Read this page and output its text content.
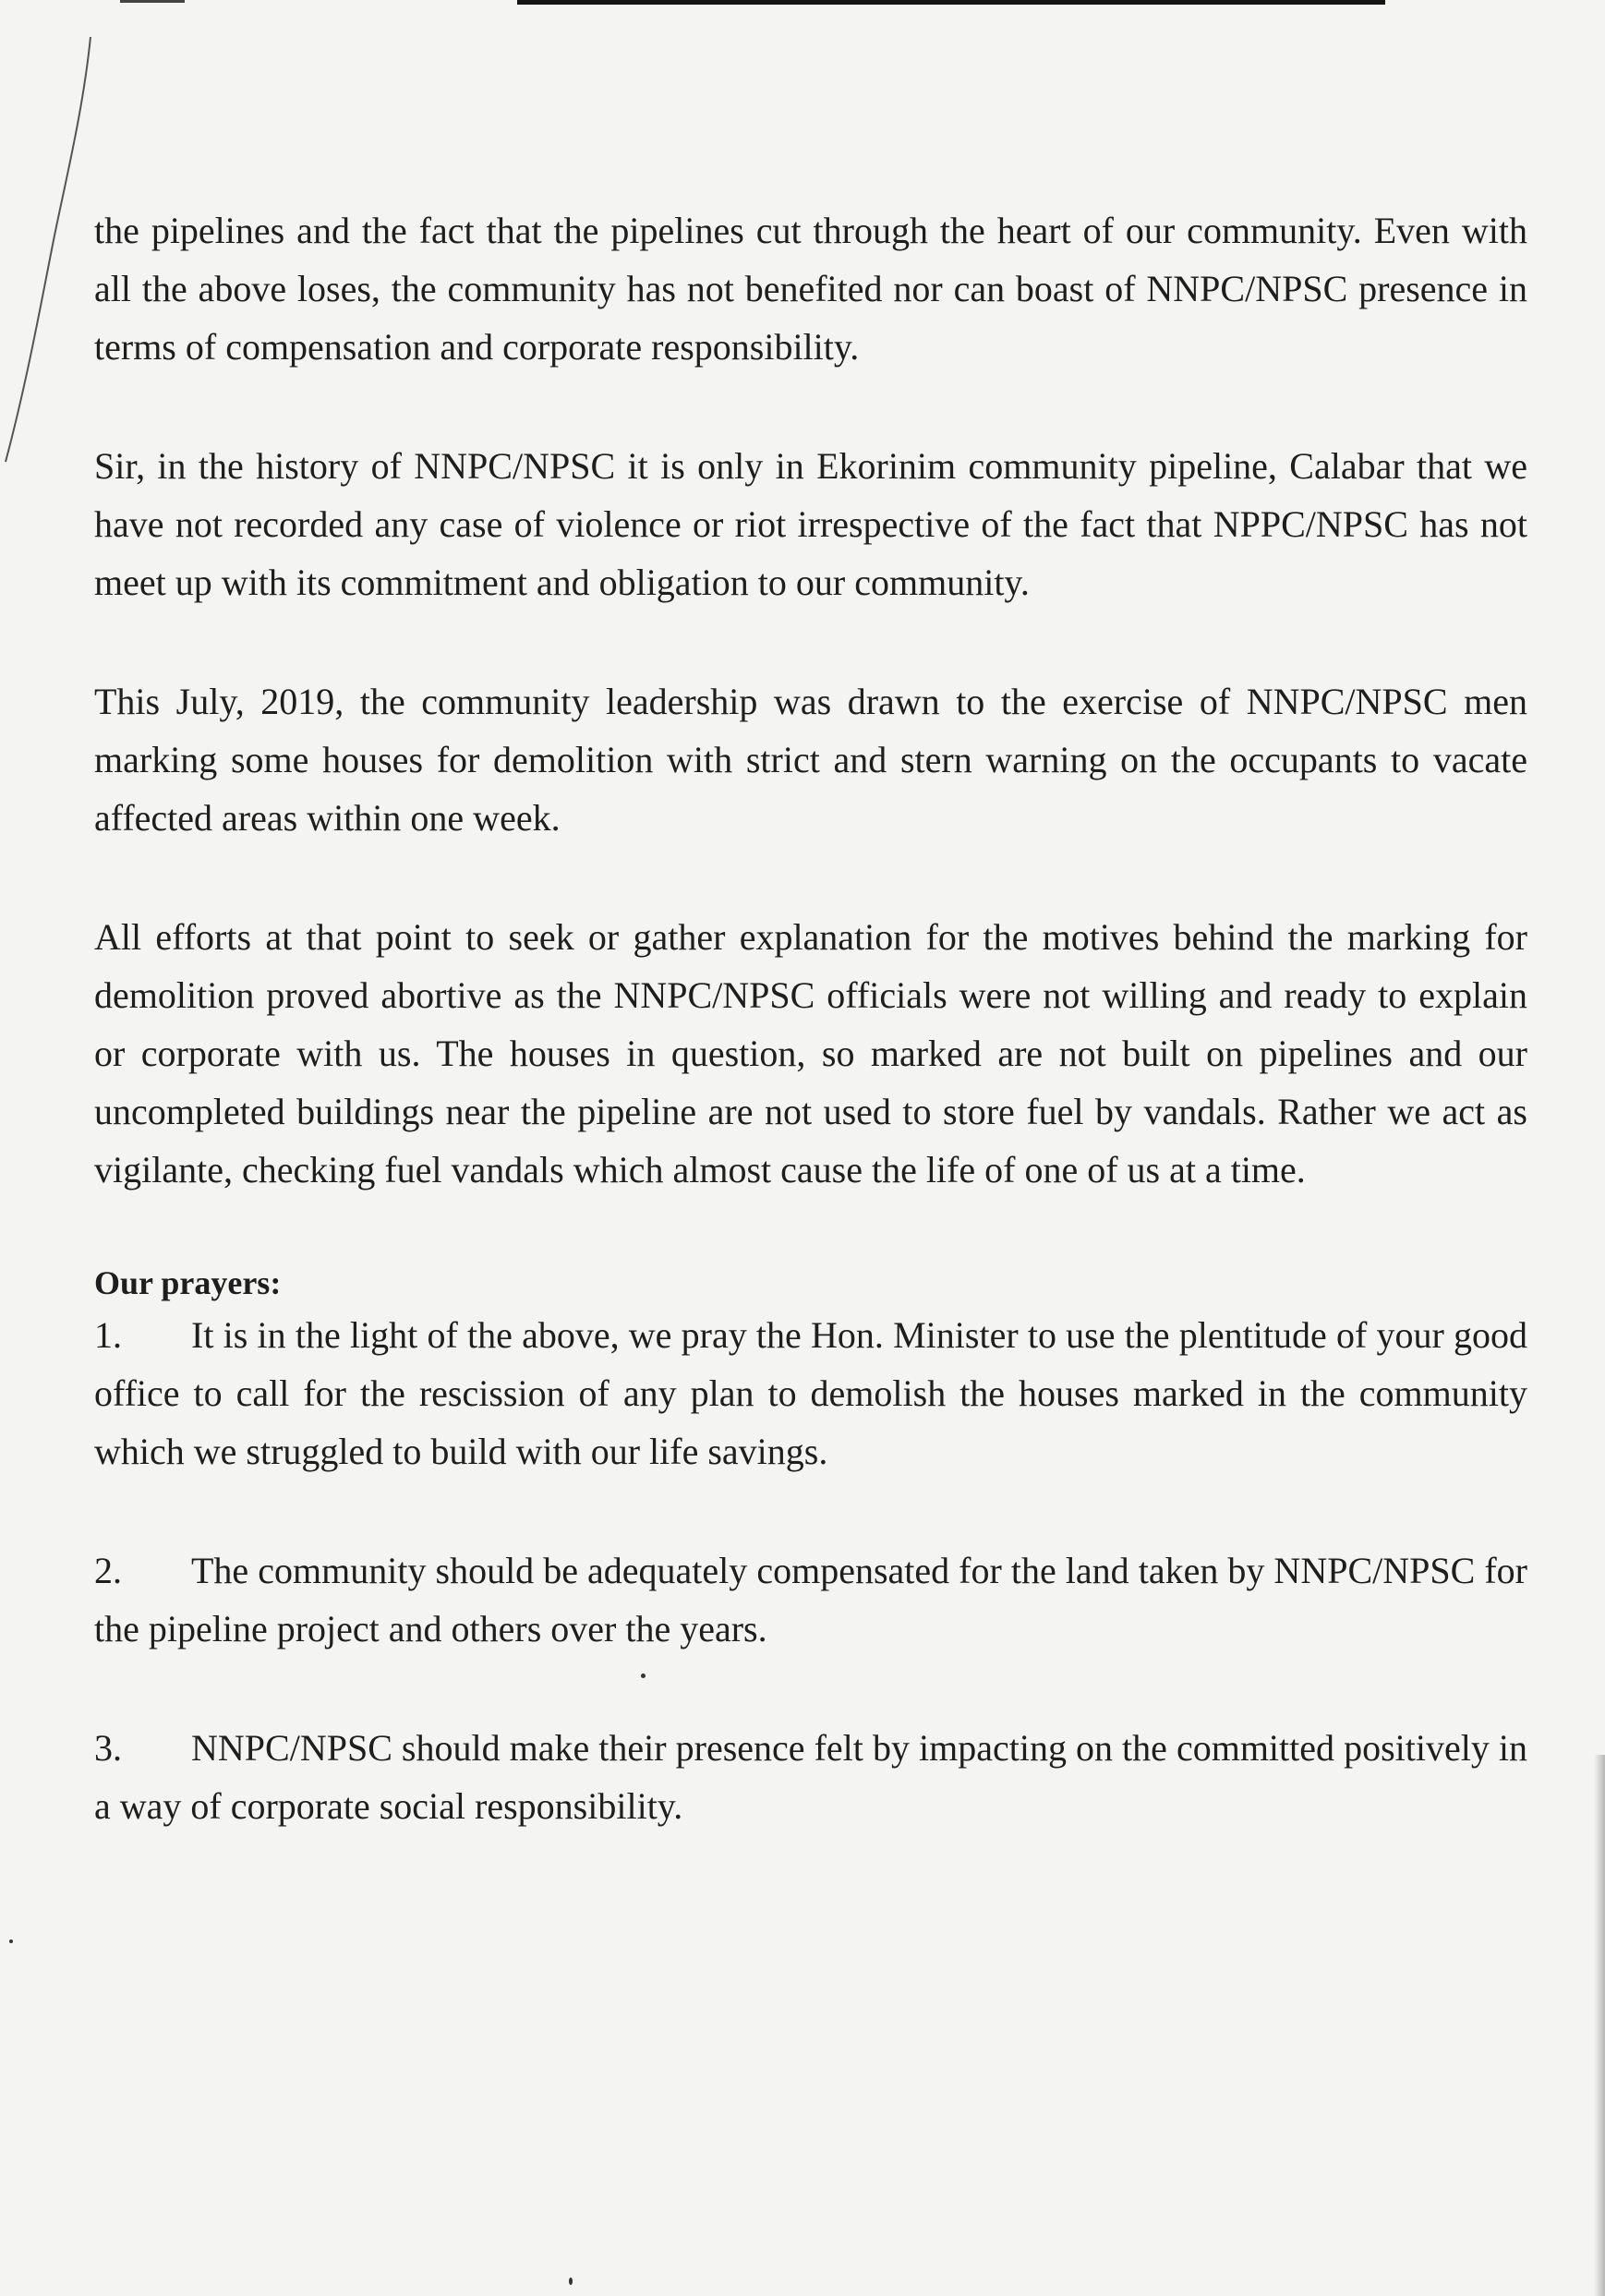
the pipelines and the fact that the pipelines cut through the heart of our community. Even with all the above loses, the community has not benefited nor can boast of NNPC/NPSC presence in terms of compensation and corporate responsibility.

Sir, in the history of NNPC/NPSC it is only in Ekorinim community pipeline, Calabar that we have not recorded any case of violence or riot irrespective of the fact that NPPC/NPSC has not meet up with its commitment and obligation to our community.

This July, 2019, the community leadership was drawn to the exercise of NNPC/NPSC men marking some houses for demolition with strict and stern warning on the occupants to vacate affected areas within one week.

All efforts at that point to seek or gather explanation for the motives behind the marking for demolition proved abortive as the NNPC/NPSC officials were not willing and ready to explain or corporate with us. The houses in question, so marked are not built on pipelines and our uncompleted buildings near the pipeline are not used to store fuel by vandals. Rather we act as vigilante, checking fuel vandals which almost cause the life of one of us at a time.

Our prayers:
1. It is in the light of the above, we pray the Hon. Minister to use the plentitude of your good office to call for the rescission of any plan to demolish the houses marked in the community which we struggled to build with our life savings.
2. The community should be adequately compensated for the land taken by NNPC/NPSC for the pipeline project and others over the years.
3. NNPC/NPSC should make their presence felt by impacting on the committed positively in a way of corporate social responsibility.
